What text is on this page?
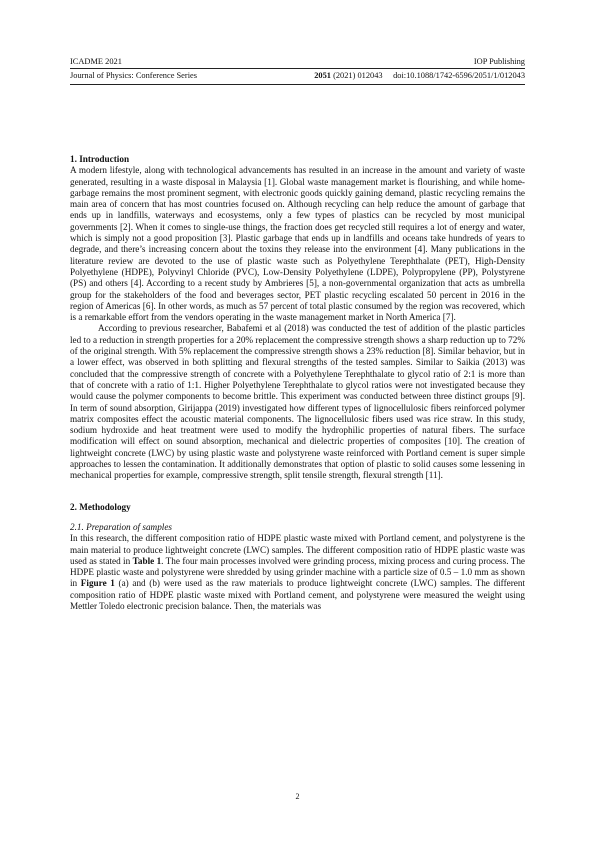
ICADME 2021	IOP Publishing
Journal of Physics: Conference Series	2051 (2021) 012043 doi:10.1088/1742-6596/2051/1/012043
1. Introduction

A modern lifestyle, along with technological advancements has resulted in an increase in the amount and variety of waste generated, resulting in a waste disposal in Malaysia [1]. Global waste management market is flourishing, and while home-garbage remains the most prominent segment, with electronic goods quickly gaining demand, plastic recycling remains the main area of concern that has most countries focused on. Although recycling can help reduce the amount of garbage that ends up in landfills, waterways and ecosystems, only a few types of plastics can be recycled by most municipal governments [2]. When it comes to single-use things, the fraction does get recycled still requires a lot of energy and water, which is simply not a good proposition [3]. Plastic garbage that ends up in landfills and oceans take hundreds of years to degrade, and there’s increasing concern about the toxins they release into the environment [4]. Many publications in the literature review are devoted to the use of plastic waste such as Polyethylene Terephthalate (PET), High-Density Polyethylene (HDPE), Polyvinyl Chloride (PVC), Low-Density Polyethylene (LDPE), Polypropylene (PP), Polystyrene (PS) and others [4]. According to a recent study by Ambrieres [5], a non-governmental organization that acts as umbrella group for the stakeholders of the food and beverages sector, PET plastic recycling escalated 50 percent in 2016 in the region of Americas [6]. In other words, as much as 57 percent of total plastic consumed by the region was recovered, which is a remarkable effort from the vendors operating in the waste management market in North America [7].

According to previous researcher, Babafemi et al (2018) was conducted the test of addition of the plastic particles led to a reduction in strength properties for a 20% replacement the compressive strength shows a sharp reduction up to 72% of the original strength. With 5% replacement the compressive strength shows a 23% reduction [8]. Similar behavior, but in a lower effect, was observed in both splitting and flexural strengths of the tested samples. Similar to Saikia (2013) was concluded that the compressive strength of concrete with a Polyethylene Terephthalate to glycol ratio of 2:1 is more than that of concrete with a ratio of 1:1. Higher Polyethylene Terephthalate to glycol ratios were not investigated because they would cause the polymer components to become brittle. This experiment was conducted between three distinct groups [9]. In term of sound absorption, Girijappa (2019) investigated how different types of lignocellulosic fibers reinforced polymer matrix composites effect the acoustic material components. The lignocellulosic fibers used was rice straw. In this study, sodium hydroxide and heat treatment were used to modify the hydrophilic properties of natural fibers. The surface modification will effect on sound absorption, mechanical and dielectric properties of composites [10]. The creation of lightweight concrete (LWC) by using plastic waste and polystyrene waste reinforced with Portland cement is super simple approaches to lessen the contamination. It additionally demonstrates that option of plastic to solid causes some lessening in mechanical properties for example, compressive strength, split tensile strength, flexural strength [11].

2. Methodology
2.1. Preparation of samples

In this research, the different composition ratio of HDPE plastic waste mixed with Portland cement, and polystyrene is the main material to produce lightweight concrete (LWC) samples. The different composition ratio of HDPE plastic waste was used as stated in Table 1. The four main processes involved were grinding process, mixing process and curing process. The HDPE plastic waste and polystyrene were shredded by using grinder machine with a particle size of 0.5 – 1.0 mm as shown in Figure 1 (a) and (b) were used as the raw materials to produce lightweight concrete (LWC) samples. The different composition ratio of HDPE plastic waste mixed with Portland cement, and polystyrene were measured the weight using Mettler Toledo electronic precision balance. Then, the materials was

2
